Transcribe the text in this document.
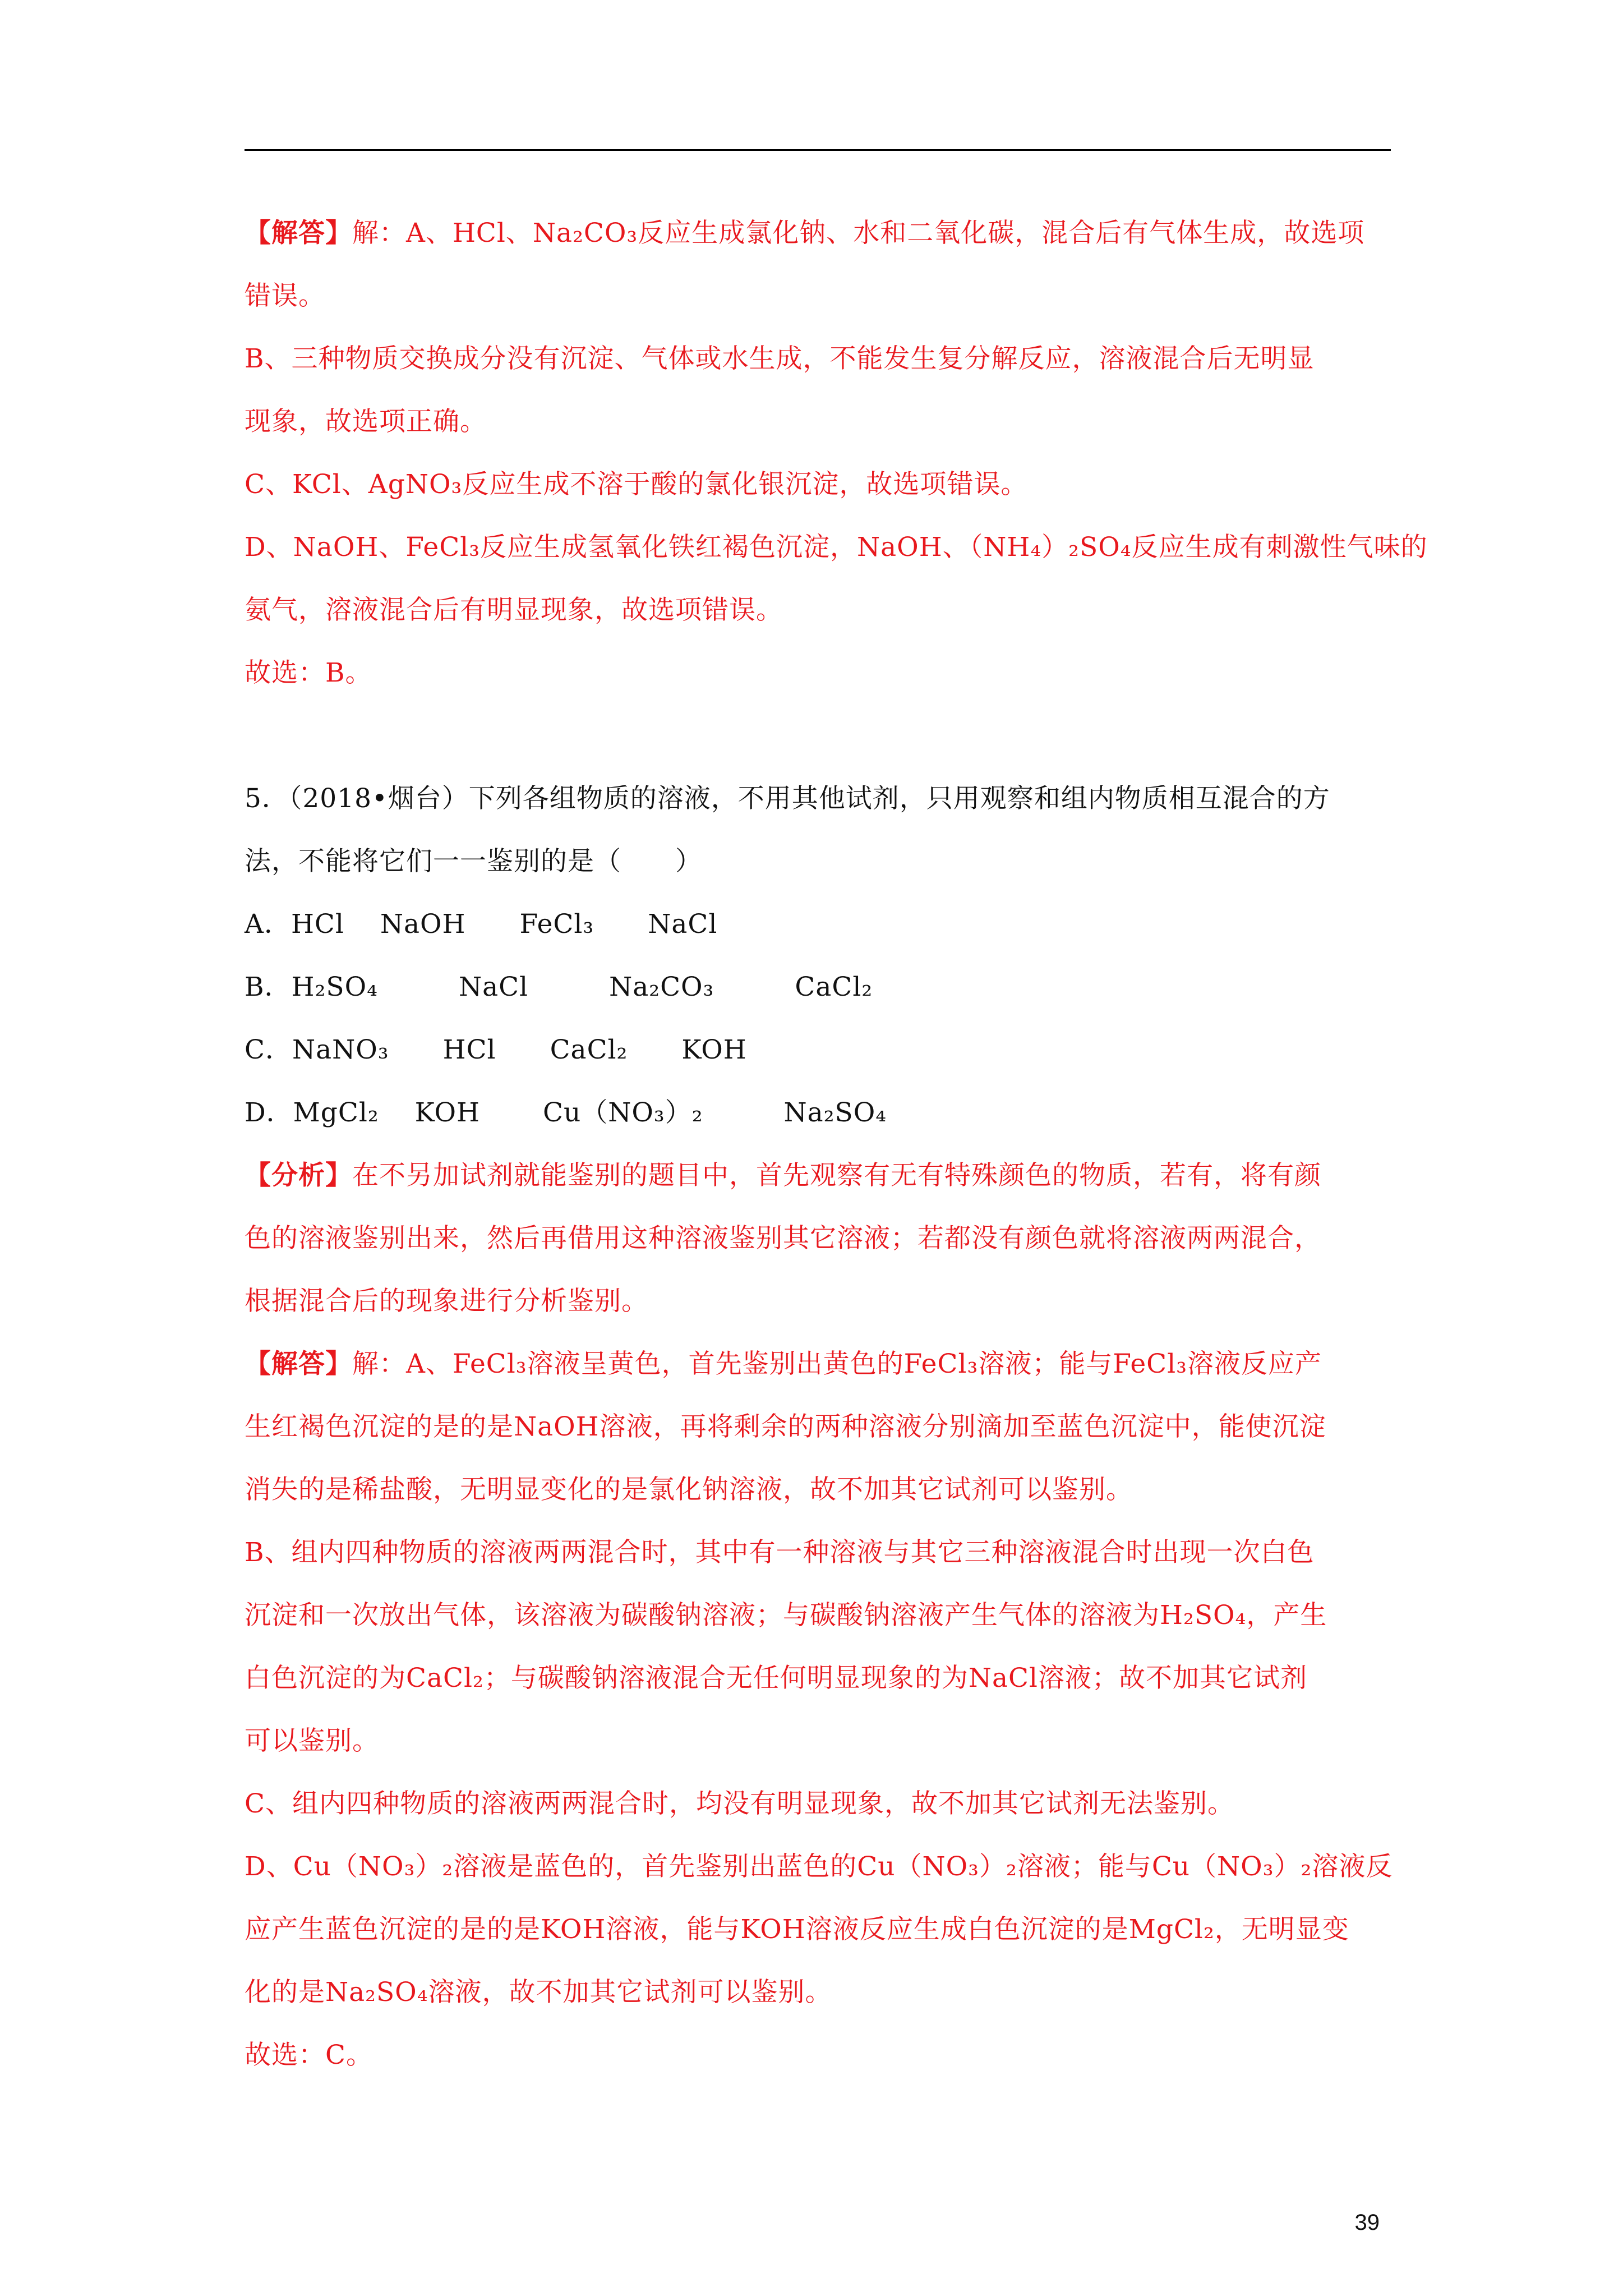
【解答】解：A、HCl、Na₂CO₃反应生成氯化钠、水和二氧化碳，混合后有气体生成，故选项
错误。
B、三种物质交换成分没有沉淀、气体或水生成，不能发生复分解反应，溶液混合后无明显
现象，故选项正确。
C、KCl、AgNO₃反应生成不溶于酸的氯化银沉淀，故选项错误。
D、NaOH、FeCl₃反应生成氢氧化铁红褐色沉淀，NaOH、（NH₄）₂SO₄反应生成有刺激性气味的
氨气，溶液混合后有明显现象，故选项错误。
故选：B。
5．（2018•烟台）下列各组物质的溶液，不用其他试剂，只用观察和组内物质相互混合的方
法，不能将它们一一鉴别的是（　　）
A．HCl　 NaOH　　FeCl₃　　NaCl
B．H₂SO₄　　　NaCl　　　Na₂CO₃　　　CaCl₂
C．NaNO₃　　HCl　　CaCl₂　　KOH
D．MgCl₂　 KOH　　 Cu（NO₃）₂　　　Na₂SO₄
【分析】在不另加试剂就能鉴别的题目中，首先观察有无有特殊颜色的物质，若有，将有颜
色的溶液鉴别出来，然后再借用这种溶液鉴别其它溶液；若都没有颜色就将溶液两两混合，
根据混合后的现象进行分析鉴别。
【解答】解：A、FeCl₃溶液呈黄色，首先鉴别出黄色的FeCl₃溶液；能与FeCl₃溶液反应产
生红褐色沉淀的是的是NaOH溶液，再将剩余的两种溶液分别滴加至蓝色沉淀中，能使沉淀
消失的是稀盐酸，无明显变化的是氯化钠溶液，故不加其它试剂可以鉴别。
B、组内四种物质的溶液两两混合时，其中有一种溶液与其它三种溶液混合时出现一次白色
沉淀和一次放出气体，该溶液为碳酸钠溶液；与碳酸钠溶液产生气体的溶液为H₂SO₄，产生
白色沉淀的为CaCl₂；与碳酸钠溶液混合无任何明显现象的为NaCl溶液；故不加其它试剂
可以鉴别。
C、组内四种物质的溶液两两混合时，均没有明显现象，故不加其它试剂无法鉴别。
D、Cu（NO₃）₂溶液是蓝色的，首先鉴别出蓝色的Cu（NO₃）₂溶液；能与Cu（NO₃）₂溶液反
应产生蓝色沉淀的是的是KOH溶液，能与KOH溶液反应生成白色沉淀的是MgCl₂，无明显变
化的是Na₂SO₄溶液，故不加其它试剂可以鉴别。
故选：C。
39
